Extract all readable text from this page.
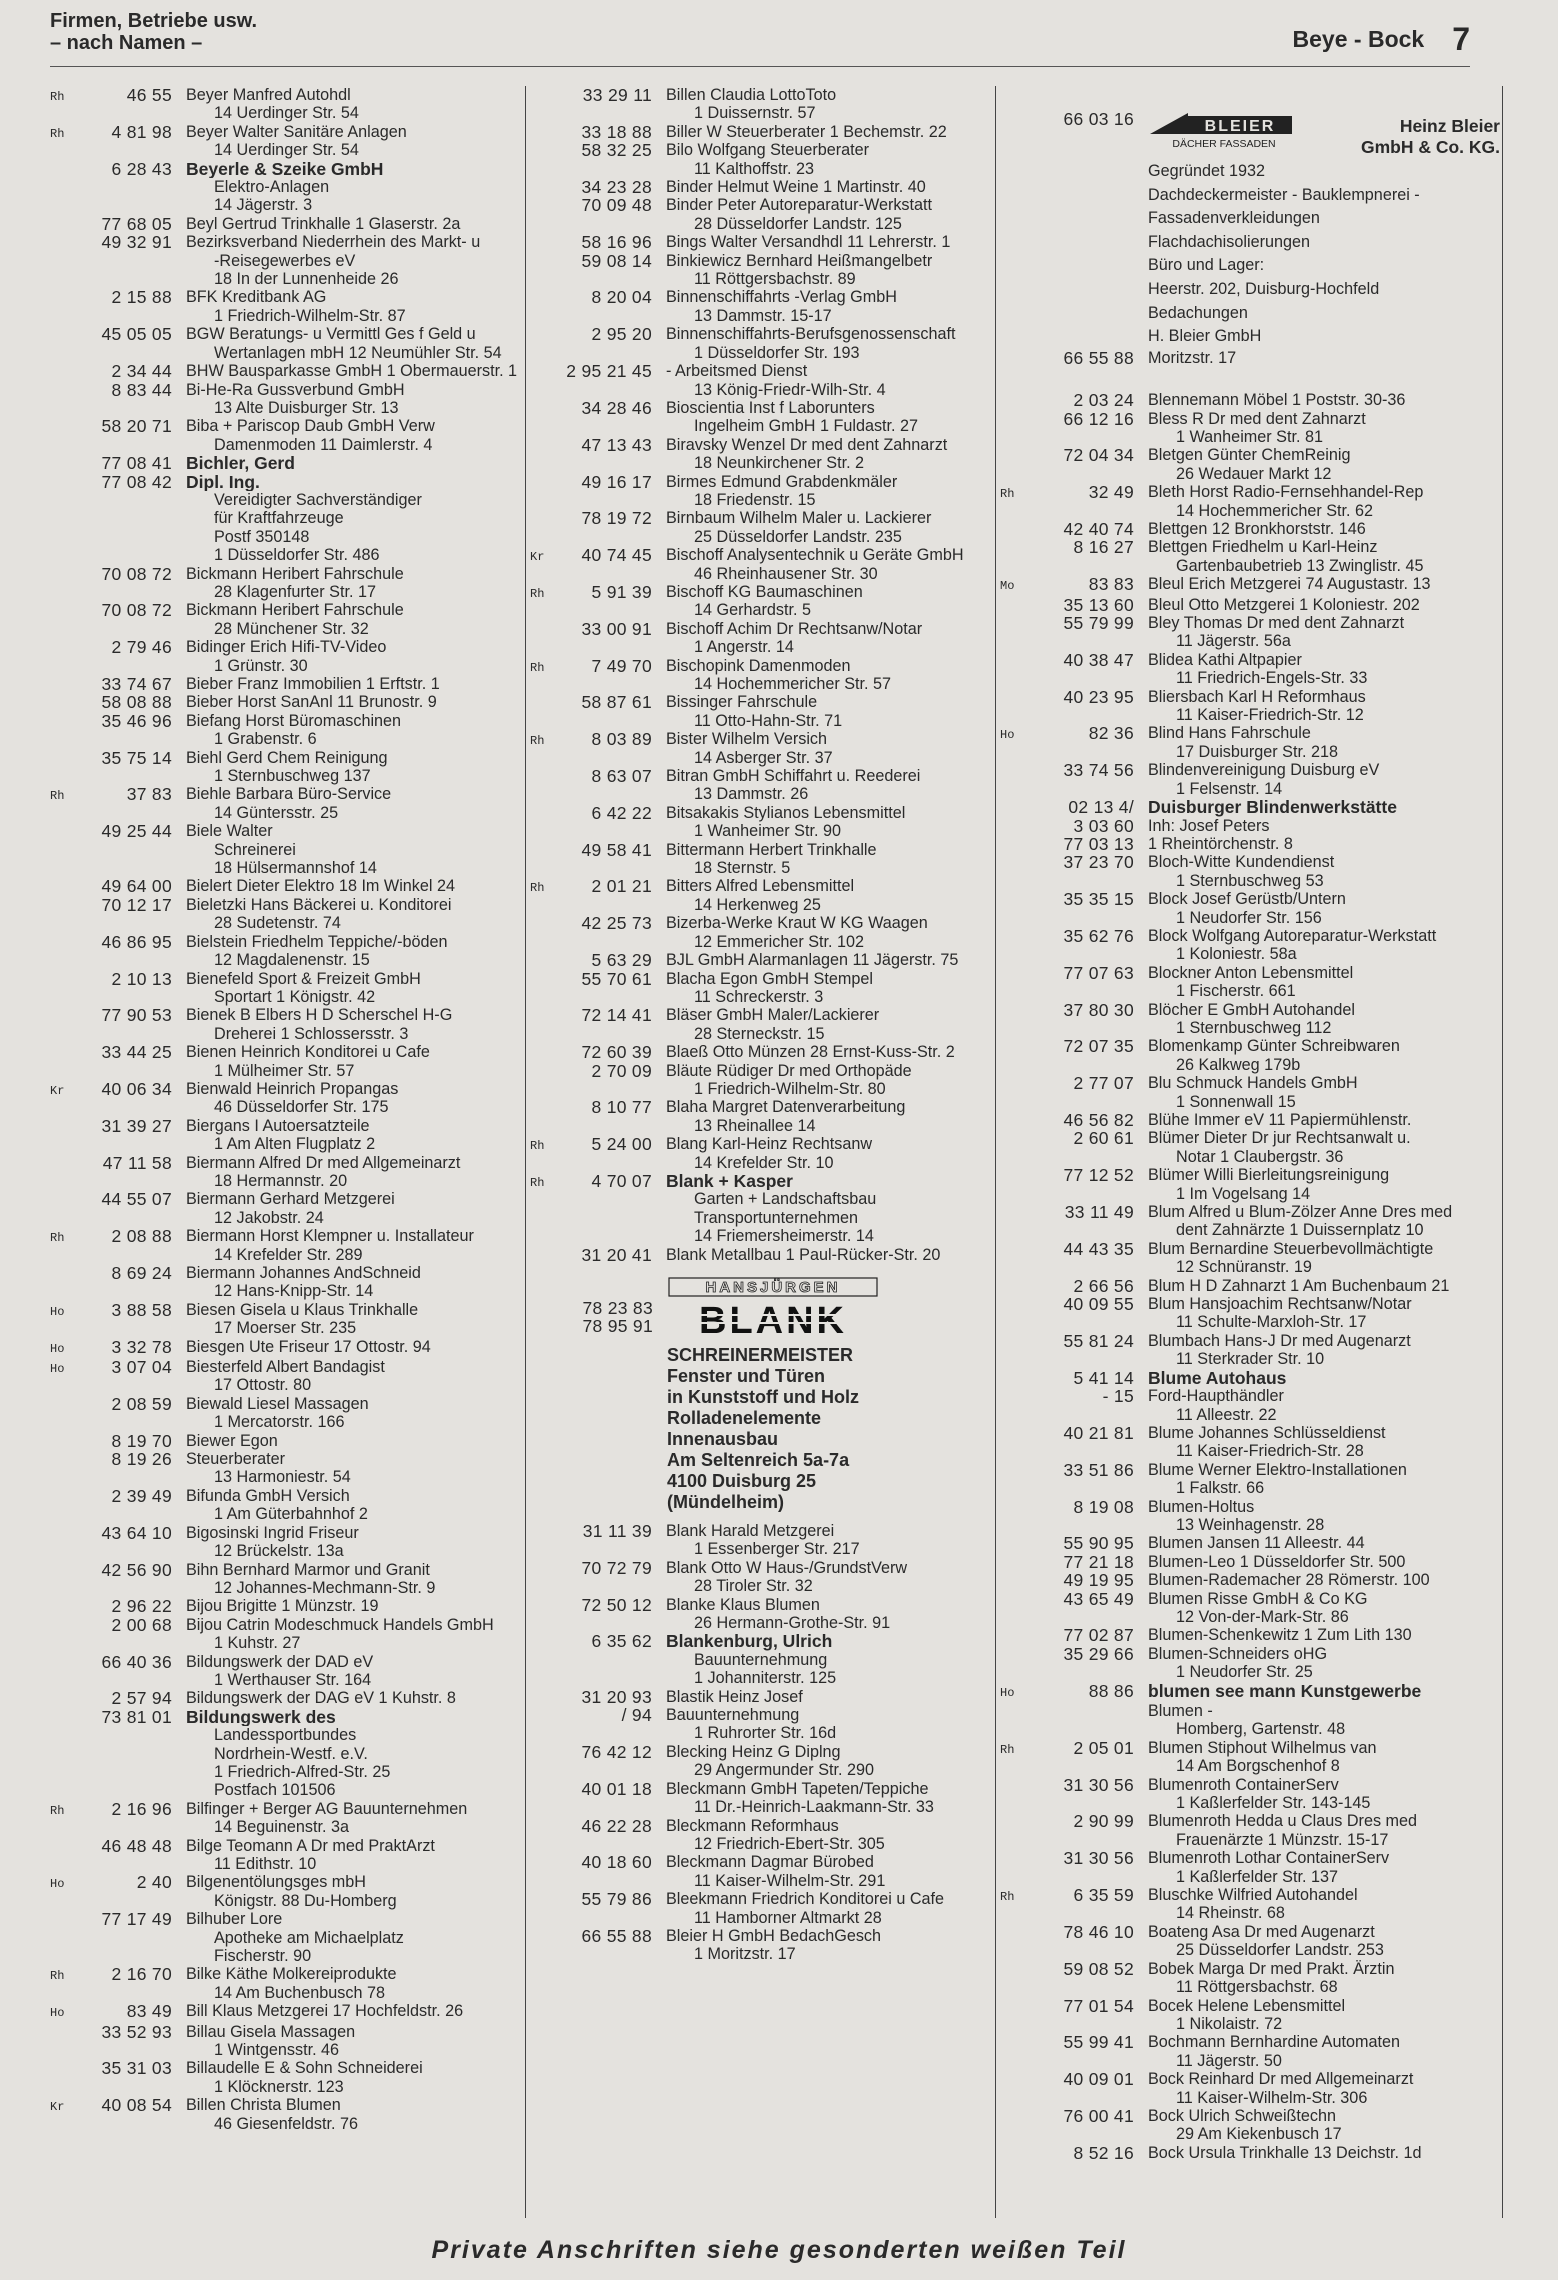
Firmen, Betriebe usw.
– nach Namen –	Beye - Bock 7
Rh	46 55 Beyer Manfred Autohdl
14 Uerdinger Str. 54
Rh	4 81 98 Beyer Walter Sanitäre Anlagen
14 Uerdinger Str. 54
6 28 43 Beyerle & Szeike GmbH
Elektro-Anlagen
14 Jägerstr. 3
77 68 05 Beyl Gertrud Trinkhalle 1 Glaserstr. 2a
49 32 91 Bezirksverband Niederrhein des Markt- u
-Reisegewerbes eV
18 In der Lunnenheide 26
2 15 88 BFK Kreditbank AG
1 Friedrich-Wilhelm-Str. 87
45 05 05 BGW Beratungs- u Vermittl Ges f Geld u
Wertanlagen mbH 12 Neumühler Str. 54
2 34 44 BHW Bausparkasse GmbH 1 Obermauerstr. 1
8 83 44 Bi-He-Ra Gussverbund GmbH
13 Alte Duisburger Str. 13
58 20 71 Biba + Pariscop Daub GmbH Verw
Damenmoden 11 Daimlerstr. 4
77 08 41 Bichler, Gerd
77 08 42 Dipl. Ing.
Vereidigter Sachverständiger
für Kraftfahrzeuge
Postf 350148
1 Düsseldorfer Str. 486
70 08 72 Bickmann Heribert Fahrschule
28 Klagenfurter Str. 17
70 08 72 Bickmann Heribert Fahrschule
28 Münchener Str. 32
2 79 46 Bidinger Erich Hifi-TV-Video
1 Grünstr. 30
33 74 67 Bieber Franz Immobilien 1 Erftstr. 1
58 08 88 Bieber Horst SanAnl 11 Brunostr. 9
35 46 96 Biefang Horst Büromaschinen
1 Grabenstr. 6
35 75 14 Biehl Gerd Chem Reinigung
1 Sternbuschweg 137
Rh	37 83 Biehle Barbara Büro-Service
14 Güntersstr. 25
49 25 44 Biele Walter
Schreinerei
18 Hülsermannshof 14
49 64 00 Bielert Dieter Elektro 18 Im Winkel 24
70 12 17 Bieletzki Hans Bäckerei u. Konditorei
28 Sudetenstr. 74
46 86 95 Bielstein Friedhelm Teppiche/-böden
12 Magdalenenstr. 15
2 10 13 Bienefeld Sport & Freizeit GmbH
Sportart 1 Königstr. 42
77 90 53 Bienek B Elbers H D Scherschel H-G
Dreherei 1 Schlossersstr. 3
33 44 25 Bienen Heinrich Konditorei u Cafe
1 Mülheimer Str. 57
Kr	40 06 34 Bienwald Heinrich Propangas
46 Düsseldorfer Str. 175
31 39 27 Biergans I Autoersatzteile
1 Am Alten Flugplatz 2
47 11 58 Biermann Alfred Dr med Allgemeinarzt
18 Hermannstr. 20
44 55 07 Biermann Gerhard Metzgerei
12 Jakobstr. 24
Rh	2 08 88 Biermann Horst Klempner u. Installateur
14 Krefelder Str. 289
8 69 24 Biermann Johannes AndSchneid
12 Hans-Knipp-Str. 14
Ho	3 88 58 Biesen Gisela u Klaus Trinkhalle
17 Moerser Str. 235
Ho	3 32 78 Biesgen Ute Friseur 17 Ottostr. 94
Ho	3 07 04 Biesterfeld Albert Bandagist
17 Ottostr. 80
2 08 59 Biewald Liesel Massagen
1 Mercatorstr. 166
8 19 70 Biewer Egon
8 19 26 Steuerberater
13 Harmoniestr. 54
2 39 49 Bifunda GmbH Versich
1 Am Güterbahnhof 2
43 64 10 Bigosinski Ingrid Friseur
12 Brückelstr. 13a
42 56 90 Bihn Bernhard Marmor und Granit
12 Johannes-Mechmann-Str. 9
2 96 22 Bijou Brigitte 1 Münzstr. 19
2 00 68 Bijou Catrin Modeschmuck Handels GmbH
1 Kuhstr. 27
66 40 36 Bildungswerk der DAD eV
1 Werthauser Str. 164
2 57 94 Bildungswerk der DAG eV 1 Kuhstr. 8
73 81 01 Bildungswerk des
Landessportbundes
Nordrhein-Westf. e.V.
1 Friedrich-Alfred-Str. 25
Postfach 101506
Rh	2 16 96 Bilfinger + Berger AG Bauunternehmen
14 Beguinenstr. 3a
46 48 48 Bilge Teomann A Dr med PraktArzt
11 Edithstr. 10
Ho	2 40 Bilgenentölungsges mbH
Königstr. 88 Du-Homberg
77 17 49 Bilhuber Lore
Apotheke am Michaelplatz
Fischerstr. 90
Rh	2 16 70 Bilke Käthe Molkereiprodukte
14 Am Buchenbusch 78
Ho	83 49 Bill Klaus Metzgerei 17 Hochfeldstr. 26
33 52 93 Billau Gisela Massagen
1 Wintgensstr. 46
35 31 03 Billaudelle E & Sohn Schneiderei
1 Klöcknerstr. 123
Kr	40 08 54 Billen Christa Blumen
46 Giesenfeldstr. 76
33 29 11 Billen Claudia LottoToto
1 Duissernstr. 57
33 18 88 Biller W Steuerberater 1 Bechemstr. 22
58 32 25 Bilo Wolfgang Steuerberater
11 Kalthoffstr. 23
34 23 28 Binder Helmut Weine 1 Martinstr. 40
70 09 48 Binder Peter Autoreparatur-Werkstatt
28 Düsseldorfer Landstr. 125
58 16 96 Bings Walter Versandhdl 11 Lehrerstr. 1
59 08 14 Binkiewicz Bernhard Heißmangelbetr
11 Röttgersbachstr. 89
8 20 04 Binnenschiffahrts -Verlag GmbH
13 Dammstr. 15-17
2 95 20 Binnenschiffahrts-Berufsgenossenschaft
1 Düsseldorfer Str. 193
2 95 21 45 - Arbeitsmed Dienst
13 König-Friedr-Wilh-Str. 4
34 28 46 Bioscientia Inst f Laborunters
Ingelheim GmbH 1 Fuldastr. 27
47 13 43 Biravsky Wenzel Dr med dent Zahnarzt
18 Neunkirchener Str. 2
49 16 17 Birmes Edmund Grabdenkmäler
18 Friedenstr. 15
78 19 72 Birnbaum Wilhelm Maler u. Lackierer
25 Düsseldorfer Landstr. 235
Kr	40 74 45 Bischoff Analysentechnik u Geräte GmbH
46 Rheinhausener Str. 30
Rh	5 91 39 Bischoff KG Baumaschinen
14 Gerhardstr. 5
33 00 91 Bischoff Achim Dr Rechtsanw/Notar
1 Angerstr. 14
Rh	7 49 70 Bischopink Damenmoden
14 Hochemmericher Str. 57
58 87 61 Bissinger Fahrschule
11 Otto-Hahn-Str. 71
Rh	8 03 89 Bister Wilhelm Versich
14 Asberger Str. 37
8 63 07 Bitran GmbH Schiffahrt u. Reederei
13 Dammstr. 26
6 42 22 Bitsakakis Stylianos Lebensmittel
1 Wanheimer Str. 90
49 58 41 Bittermann Herbert Trinkhalle
18 Sternstr. 5
Rh	2 01 21 Bitters Alfred Lebensmittel
14 Herkenweg 25
42 25 73 Bizerba-Werke Kraut W KG Waagen
12 Emmericher Str. 102
5 63 29 BJL GmbH Alarmanlagen 11 Jägerstr. 75
55 70 61 Blacha Egon GmbH Stempel
11 Schreckerstr. 3
72 14 41 Bläser GmbH Maler/Lackierer
28 Sterneckstr. 15
72 60 39 Blaeß Otto Münzen 28 Ernst-Kuss-Str. 2
2 70 09 Bläute Rüdiger Dr med Orthopäde
1 Friedrich-Wilhelm-Str. 80
8 10 77 Blaha Margret Datenverarbeitung
13 Rheinallee 14
Rh	5 24 00 Blang Karl-Heinz Rechtsanw
14 Krefelder Str. 10
Rh	4 70 07 Blank + Kasper
Garten + Landschaftsbau
Transportunternehmen
14 Friemersheimerstr. 14
31 20 41 Blank Metallbau 1 Paul-Rücker-Str. 20
78 23 83
78 95 91
HANSJÜRGEN
BLANK
SCHREINERMEISTER
Fenster und Türen
in Kunststoff und Holz
Rolladenelemente
Innenausbau
Am Seltenreich 5a-7a
4100 Duisburg 25
(Mündelheim)
31 11 39 Blank Harald Metzgerei
1 Essenberger Str. 217
70 72 79 Blank Otto W Haus-/GrundstVerw
28 Tiroler Str. 32
72 50 12 Blanke Klaus Blumen
26 Hermann-Grothe-Str. 91
6 35 62 Blankenburg, Ulrich
Bauunternehmung
1 Johanniterstr. 125
31 20 93 Blastik Heinz Josef
/ 94 Bauunternehmung
1 Ruhrorter Str. 16d
76 42 12 Blecking Heinz G Diplng
29 Angermunder Str. 290
40 01 18 Bleckmann GmbH Tapeten/Teppiche
11 Dr.-Heinrich-Laakmann-Str. 33
46 22 28 Bleckmann Reformhaus
12 Friedrich-Ebert-Str. 305
40 18 60 Bleckmann Dagmar Bürobed
11 Kaiser-Wilhelm-Str. 291
55 79 86 Bleekmann Friedrich Konditorei u Cafe
11 Hamborner Altmarkt 28
66 55 88 Bleier H GmbH BedachGesch
1 Moritzstr. 17
66 03 16	BLEIER
DÄCHER FASSADEN
Heinz Bleier
GmbH & Co. KG.
Gegründet 1932
Dachdeckermeister - Bauklempnerei -
Fassadenverkleidungen
Flachdachisolierungen
Büro und Lager:
Heerstr. 202, Duisburg-Hochfeld
Bedachungen
H. Bleier GmbH
66 55 88 Moritzstr. 17
2 03 24 Blennemann Möbel 1 Poststr. 30-36
66 12 16 Bless R Dr med dent Zahnarzt
1 Wanheimer Str. 81
72 04 34 Bletgen Günter ChemReinig
26 Wedauer Markt 12
Rh	32 49 Bleth Horst Radio-Fernsehhandel-Rep
14 Hochemmericher Str. 62
42 40 74 Blettgen 12 Bronkhorststr. 146
8 16 27 Blettgen Friedhelm u Karl-Heinz
Gartenbaubetrieb 13 Zwinglistr. 45
Mo	83 83 Bleul Erich Metzgerei 74 Augustastr. 13
35 13 60 Bleul Otto Metzgerei 1 Koloniestr. 202
55 79 99 Bley Thomas Dr med dent Zahnarzt
11 Jägerstr. 56a
40 38 47 Blidea Kathi Altpapier
11 Friedrich-Engels-Str. 33
40 23 95 Bliersbach Karl H Reformhaus
11 Kaiser-Friedrich-Str. 12
Ho	82 36 Blind Hans Fahrschule
17 Duisburger Str. 218
33 74 56 Blindenvereinigung Duisburg eV
1 Felsenstr. 14
02 13 4/ Duisburger Blindenwerkstätte
3 03 60 Inh: Josef Peters
77 03 13 1 Rheintörchenstr. 8
37 23 70 Bloch-Witte Kundendienst
1 Sternbuschweg 53
35 35 15 Block Josef Gerüstb/Untern
1 Neudorfer Str. 156
35 62 76 Block Wolfgang Autoreparatur-Werkstatt
1 Koloniestr. 58a
77 07 63 Blockner Anton Lebensmittel
1 Fischerstr. 661
37 80 30 Blöcher E GmbH Autohandel
1 Sternbuschweg 112
72 07 35 Blomenkamp Günter Schreibwaren
26 Kalkweg 179b
2 77 07 Blu Schmuck Handels GmbH
1 Sonnenwall 15
46 56 82 Blühe Immer eV 11 Papiermühlenstr.
2 60 61 Blümer Dieter Dr jur Rechtsanwalt u.
Notar 1 Claubergstr. 36
77 12 52 Blümer Willi Bierleitungsreinigung
1 Im Vogelsang 14
33 11 49 Blum Alfred u Blum-Zölzer Anne Dres med
dent Zahnärzte 1 Duissernplatz 10
44 43 35 Blum Bernardine Steuerbevollmächtigte
12 Schnüranstr. 19
2 66 56 Blum H D Zahnarzt 1 Am Buchenbaum 21
40 09 55 Blum Hansjoachim Rechtsanw/Notar
11 Schulte-Marxloh-Str. 17
55 81 24 Blumbach Hans-J Dr med Augenarzt
11 Sterkrader Str. 10
5 41 14 Blume Autohaus
- 15 Ford-Haupthändler
11 Alleestr. 22
40 21 81 Blume Johannes Schlüsseldienst
11 Kaiser-Friedrich-Str. 28
33 51 86 Blume Werner Elektro-Installationen
1 Falkstr. 66
8 19 08 Blumen-Holtus
13 Weinhagenstr. 28
55 90 95 Blumen Jansen 11 Alleestr. 44
77 21 18 Blumen-Leo 1 Düsseldorfer Str. 500
49 19 95 Blumen-Rademacher 28 Römerstr. 100
43 65 49 Blumen Risse GmbH & Co KG
12 Von-der-Mark-Str. 86
77 02 87 Blumen-Schenkewitz 1 Zum Lith 130
35 29 66 Blumen-Schneiders oHG
1 Neudorfer Str. 25
Ho	88 86 blumen see mann Kunstgewerbe
Blumen -
Homberg, Gartenstr. 48
Rh	2 05 01 Blumen Stiphout Wilhelmus van
14 Am Borgschenhof 8
31 30 56 Blumenroth ContainerServ
1 Kaßlerfelder Str. 143-145
2 90 99 Blumenroth Hedda u Claus Dres med
Frauenärzte 1 Münzstr. 15-17
31 30 56 Blumenroth Lothar ContainerServ
1 Kaßlerfelder Str. 137
Rh	6 35 59 Bluschke Wilfried Autohandel
14 Rheinstr. 68
78 46 10 Boateng Asa Dr med Augenarzt
25 Düsseldorfer Landstr. 253
59 08 52 Bobek Marga Dr med Prakt. Ärztin
11 Röttgersbachstr. 68
77 01 54 Bocek Helene Lebensmittel
1 Nikolaistr. 72
55 99 41 Bochmann Bernhardine Automaten
11 Jägerstr. 50
40 09 01 Bock Reinhard Dr med Allgemeinarzt
11 Kaiser-Wilhelm-Str. 306
76 00 41 Bock Ulrich Schweißtechn
29 Am Kiekenbusch 17
8 52 16 Bock Ursula Trinkhalle 13 Deichstr. 1d
Private Anschriften siehe gesonderten weißen Teil
